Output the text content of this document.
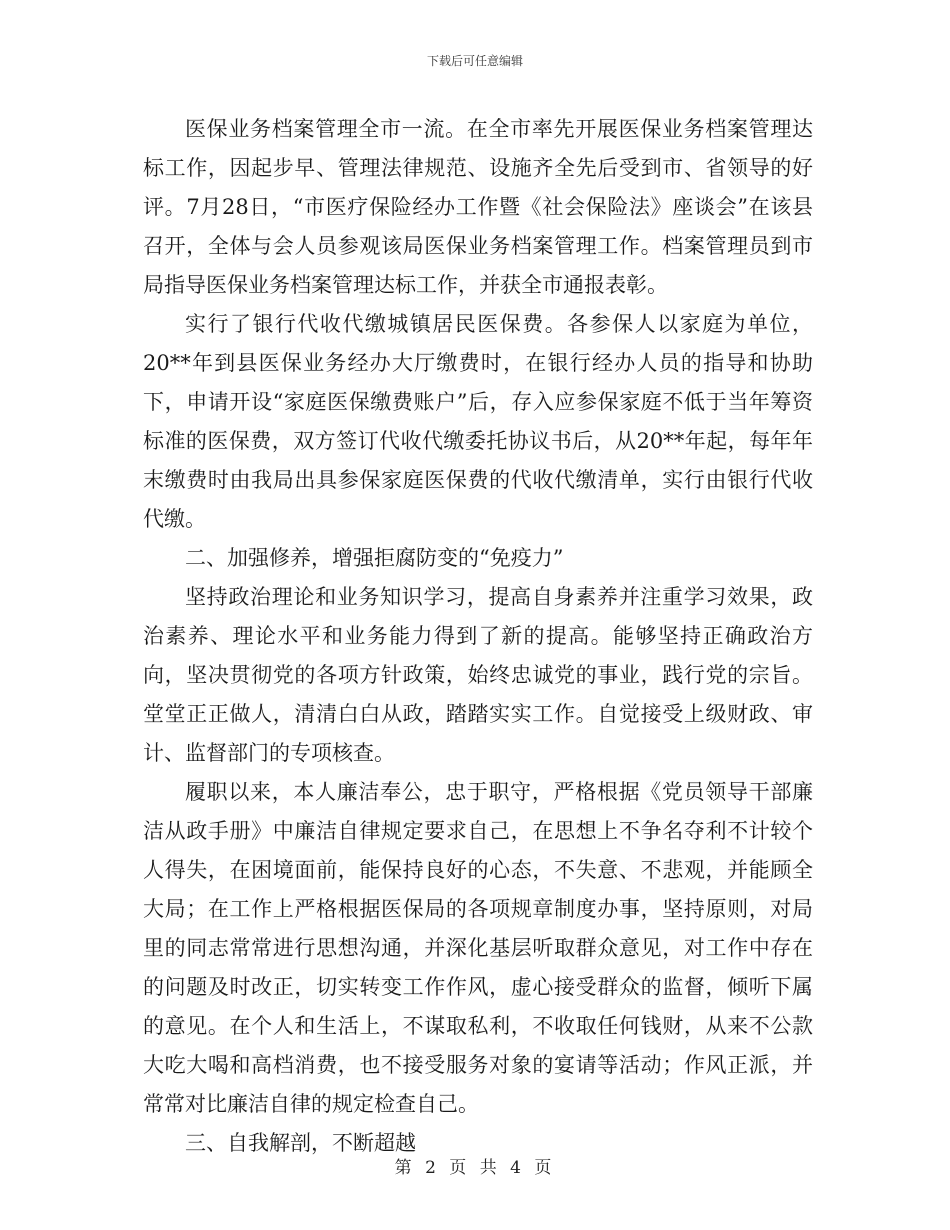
下载后可任意编辑

医保业务档案管理全市一流。在全市率先开展医保业务档案管理达标工作，因起步早、管理法律规范、设施齐全先后受到市、省领导的好评。7月28日，“市医疗保险经办工作暨《社会保险法》座谈会”在该县召开，全体与会人员参观该局医保业务档案管理工作。档案管理员到市局指导医保业务档案管理达标工作，并获全市通报表彰。

实行了银行代收代缴城镇居民医保费。各参保人以家庭为单位，20**年到县医保业务经办大厅缴费时，在银行经办人员的指导和协助下，申请开设“家庭医保缴费账户”后，存入应参保家庭不低于当年筹资标准的医保费，双方签订代收代缴委托协议书后，从20**年起，每年年末缴费时由我局出具参保家庭医保费的代收代缴清单，实行由银行代收代缴。

二、加强修养，增强拒腐防变的“免疫力”

坚持政治理论和业务知识学习，提高自身素养并注重学习效果，政治素养、理论水平和业务能力得到了新的提高。能够坚持正确政治方向，坚决贯彻党的各项方针政策，始终忠诚党的事业，践行党的宗旨。堂堂正正做人，清清白白从政，踏踏实实工作。自觉接受上级财政、审计、监督部门的专项核查。

履职以来，本人廉洁奉公，忠于职守，严格根据《党员领导干部廉洁从政手册》中廉洁自律规定要求自己，在思想上不争名夺利不计较个人得失，在困境面前，能保持良好的心态，不失意、不悲观，并能顾全大局；在工作上严格根据医保局的各项规章制度办事，坚持原则，对局里的同志常常进行思想沟通，并深化基层听取群众意见，对工作中存在的问题及时改正，切实转变工作作风，虚心接受群众的监督，倾听下属的意见。在个人和生活上，不谋取私利，不收取任何钱财，从来不公款大吃大喝和高档消费，也不接受服务对象的宴请等活动；作风正派，并常常对比廉洁自律的规定检查自己。

三、自我解剖，不断超越

第 2 页 共 4 页
